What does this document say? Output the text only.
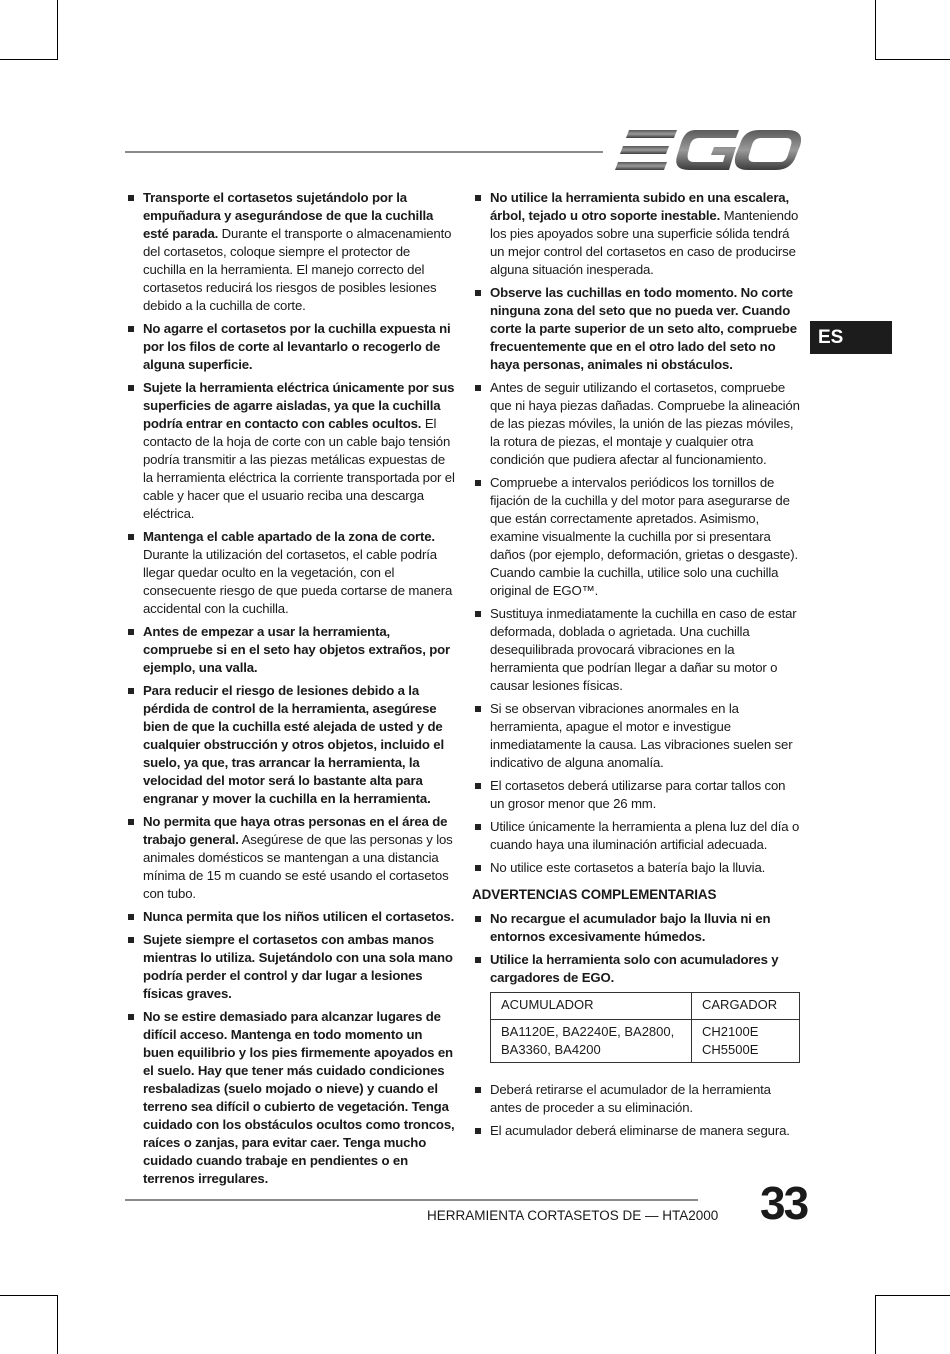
ES
Transporte el cortasetos sujetándolo por la empuñadura y asegurándose de que la cuchilla esté parada. Durante el transporte o almacenamiento del cortasetos, coloque siempre el protector de cuchilla en la herramienta. El manejo correcto del cortasetos reducirá los riesgos de posibles lesiones debido a la cuchilla de corte.
No agarre el cortasetos por la cuchilla expuesta ni por los filos de corte al levantarlo o recogerlo de alguna superficie.
Sujete la herramienta eléctrica únicamente por sus superficies de agarre aisladas, ya que la cuchilla podría entrar en contacto con cables ocultos. El contacto de la hoja de corte con un cable bajo tensión podría transmitir a las piezas metálicas expuestas de la herramienta eléctrica la corriente transportada por el cable y hacer que el usuario reciba una descarga eléctrica.
Mantenga el cable apartado de la zona de corte. Durante la utilización del cortasetos, el cable podría llegar quedar oculto en la vegetación, con el consecuente riesgo de que pueda cortarse de manera accidental con la cuchilla.
Antes de empezar a usar la herramienta, compruebe si en el seto hay objetos extraños, por ejemplo, una valla.
Para reducir el riesgo de lesiones debido a la pérdida de control de la herramienta, asegúrese bien de que la cuchilla esté alejada de usted y de cualquier obstrucción y otros objetos, incluido el suelo, ya que, tras arrancar la herramienta, la velocidad del motor será lo bastante alta para engranar y mover la cuchilla en la herramienta.
No permita que haya otras personas en el área de trabajo general. Asegúrese de que las personas y los animales domésticos se mantengan a una distancia mínima de 15 m cuando se esté usando el cortasetos con tubo.
Nunca permita que los niños utilicen el cortasetos.
Sujete siempre el cortasetos con ambas manos mientras lo utiliza. Sujetándolo con una sola mano podría perder el control y dar lugar a lesiones físicas graves.
No se estire demasiado para alcanzar lugares de difícil acceso. Mantenga en todo momento un buen equilibrio y los pies firmemente apoyados en el suelo. Hay que tener más cuidado condiciones resbaladizas (suelo mojado o nieve) y cuando el terreno sea difícil o cubierto de vegetación. Tenga cuidado con los obstáculos ocultos como troncos, raíces o zanjas, para evitar caer. Tenga mucho cuidado cuando trabaje en pendientes o en terrenos irregulares.
No utilice la herramienta subido en una escalera, árbol, tejado u otro soporte inestable. Manteniendo los pies apoyados sobre una superficie sólida tendrá un mejor control del cortasetos en caso de producirse alguna situación inesperada.
Observe las cuchillas en todo momento. No corte ninguna zona del seto que no pueda ver. Cuando corte la parte superior de un seto alto, compruebe frecuentemente que en el otro lado del seto no haya personas, animales ni obstáculos.
Antes de seguir utilizando el cortasetos, compruebe que ni haya piezas dañadas. Compruebe la alineación de las piezas móviles, la unión de las piezas móviles, la rotura de piezas, el montaje y cualquier otra condición que pudiera afectar al funcionamiento.
Compruebe a intervalos periódicos los tornillos de fijación de la cuchilla y del motor para asegurarse de que están correctamente apretados. Asimismo, examine visualmente la cuchilla por si presentara daños (por ejemplo, deformación, grietas o desgaste). Cuando cambie la cuchilla, utilice solo una cuchilla original de EGO™.
Sustituya inmediatamente la cuchilla en caso de estar deformada, doblada o agrietada. Una cuchilla desequilibrada provocará vibraciones en la herramienta que podrían llegar a dañar su motor o causar lesiones físicas.
Si se observan vibraciones anormales en la herramienta, apague el motor e investigue inmediatamente la causa. Las vibraciones suelen ser indicativo de alguna anomalía.
El cortasetos deberá utilizarse para cortar tallos con un grosor menor que 26 mm.
Utilice únicamente la herramienta a plena luz del día o cuando haya una iluminación artificial adecuada.
No utilice este cortasetos a batería bajo la lluvia.
ADVERTENCIAS COMPLEMENTARIAS
No recargue el acumulador bajo la lluvia ni en entornos excesivamente húmedos.
Utilice la herramienta solo con acumuladores y cargadores de EGO.
ACUMULADOR	CARGADOR
BA1120E, BA2240E, BA2800, BA3360, BA4200	CH2100E CH5500E
Deberá retirarse el acumulador de la herramienta antes de proceder a su eliminación.
El acumulador deberá eliminarse de manera segura.
HERRAMIENTA CORTASETOS DE — HTA2000 33
